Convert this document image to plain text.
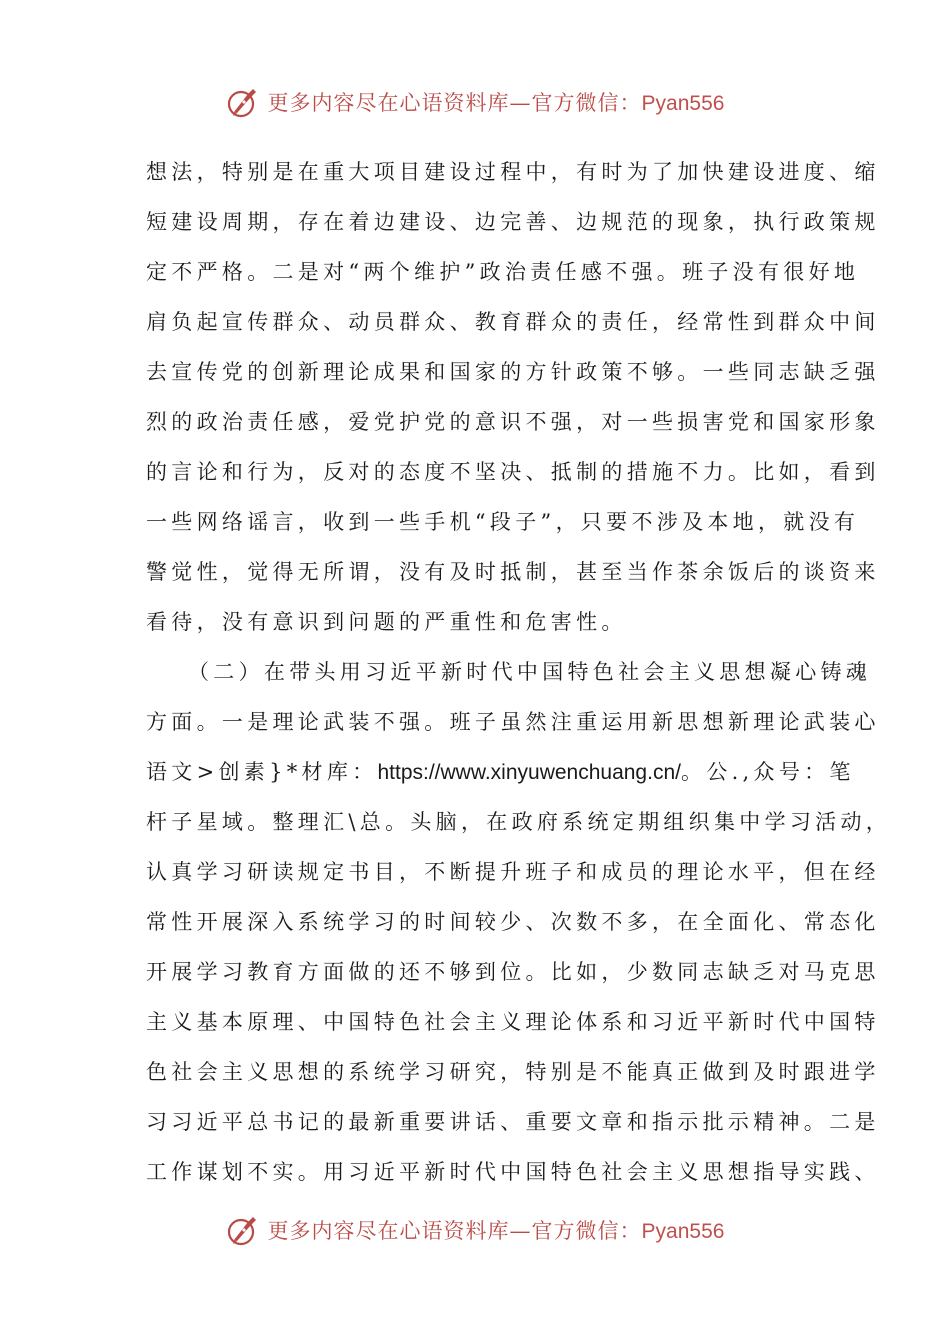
更多内容尽在心语资料库—官方微信：Pyan556
想法，特别是在重大项目建设过程中，有时为了加快建设进度、缩
短建设周期，存在着边建设、边完善、边规范的现象，执行政策规
定不严格。二是对“两个维护”政治责任感不强。班子没有很好地
肩负起宣传群众、动员群众、教育群众的责任，经常性到群众中间
去宣传党的创新理论成果和国家的方针政策不够。一些同志缺乏强
烈的政治责任感，爱党护党的意识不强，对一些损害党和国家形象
的言论和行为，反对的态度不坚决、抵制的措施不力。比如，看到
一些网络谣言，收到一些手机“段子”，只要不涉及本地，就没有
警觉性，觉得无所谓，没有及时抵制，甚至当作茶余饭后的谈资来
看待，没有意识到问题的严重性和危害性。
（二）在带头用习近平新时代中国特色社会主义思想凝心铸魂
方面。一是理论武装不强。班子虽然注重运用新思想新理论武装心
语文>创素}*材库：https://www.xinyuwenchuang.cn/。公.,众号：笔
杆子星域。整理汇\总。头脑，在政府系统定期组织集中学习活动，
认真学习研读规定书目，不断提升班子和成员的理论水平，但在经
常性开展深入系统学习的时间较少、次数不多，在全面化、常态化
开展学习教育方面做的还不够到位。比如，少数同志缺乏对马克思
主义基本原理、中国特色社会主义理论体系和习近平新时代中国特
色社会主义思想的系统学习研究，特别是不能真正做到及时跟进学
习习近平总书记的最新重要讲话、重要文章和指示批示精神。二是
工作谋划不实。用习近平新时代中国特色社会主义思想指导实践、
更多内容尽在心语资料库—官方微信：Pyan556
